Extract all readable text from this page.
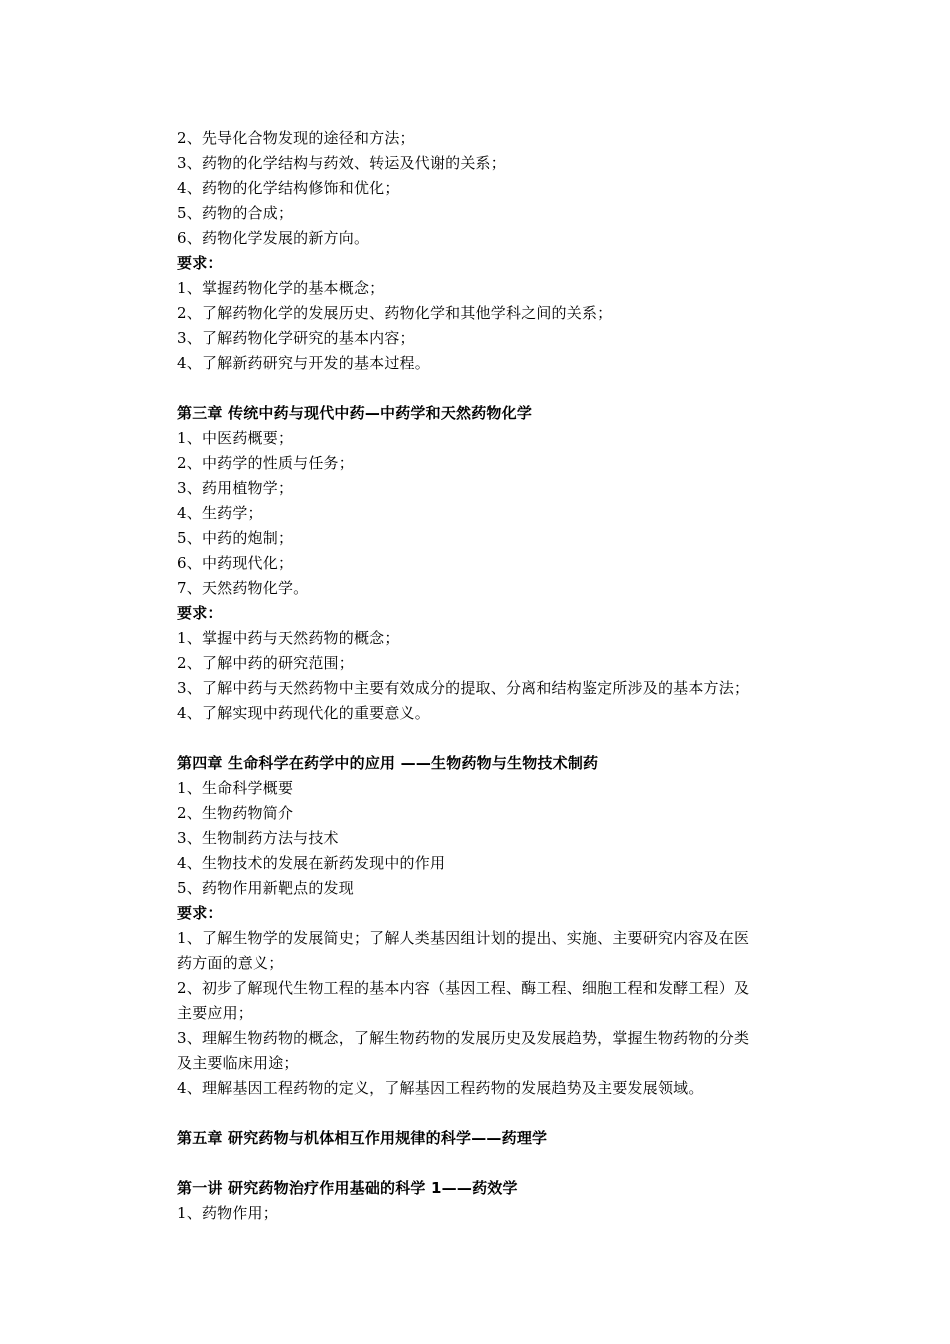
2、先导化合物发现的途径和方法；
3、药物的化学结构与药效、转运及代谢的关系；
4、药物的化学结构修饰和优化；
5、药物的合成；
6、药物化学发展的新方向。
要求：
1、掌握药物化学的基本概念；
2、了解药物化学的发展历史、药物化学和其他学科之间的关系；
3、了解药物化学研究的基本内容；
4、了解新药研究与开发的基本过程。
第三章 传统中药与现代中药—中药学和天然药物化学
1、中医药概要；
2、中药学的性质与任务；
3、药用植物学；
4、生药学；
5、中药的炮制；
6、中药现代化；
7、天然药物化学。
要求：
1、掌握中药与天然药物的概念；
2、了解中药的研究范围；
3、了解中药与天然药物中主要有效成分的提取、分离和结构鉴定所涉及的基本方法；
4、了解实现中药现代化的重要意义。
第四章 生命科学在药学中的应用 ——生物药物与生物技术制药
1、生命科学概要
2、生物药物简介
3、生物制药方法与技术
4、生物技术的发展在新药发现中的作用
5、药物作用新靶点的发现
要求：
1、了解生物学的发展简史；了解人类基因组计划的提出、实施、主要研究内容及在医
药方面的意义；
2、初步了解现代生物工程的基本内容（基因工程、酶工程、细胞工程和发酵工程）及
主要应用；
3、理解生物药物的概念，了解生物药物的发展历史及发展趋势，掌握生物药物的分类
及主要临床用途；
4、理解基因工程药物的定义，了解基因工程药物的发展趋势及主要发展领域。
第五章 研究药物与机体相互作用规律的科学——药理学
第一讲 研究药物治疗作用基础的科学 1——药效学
1、药物作用；
